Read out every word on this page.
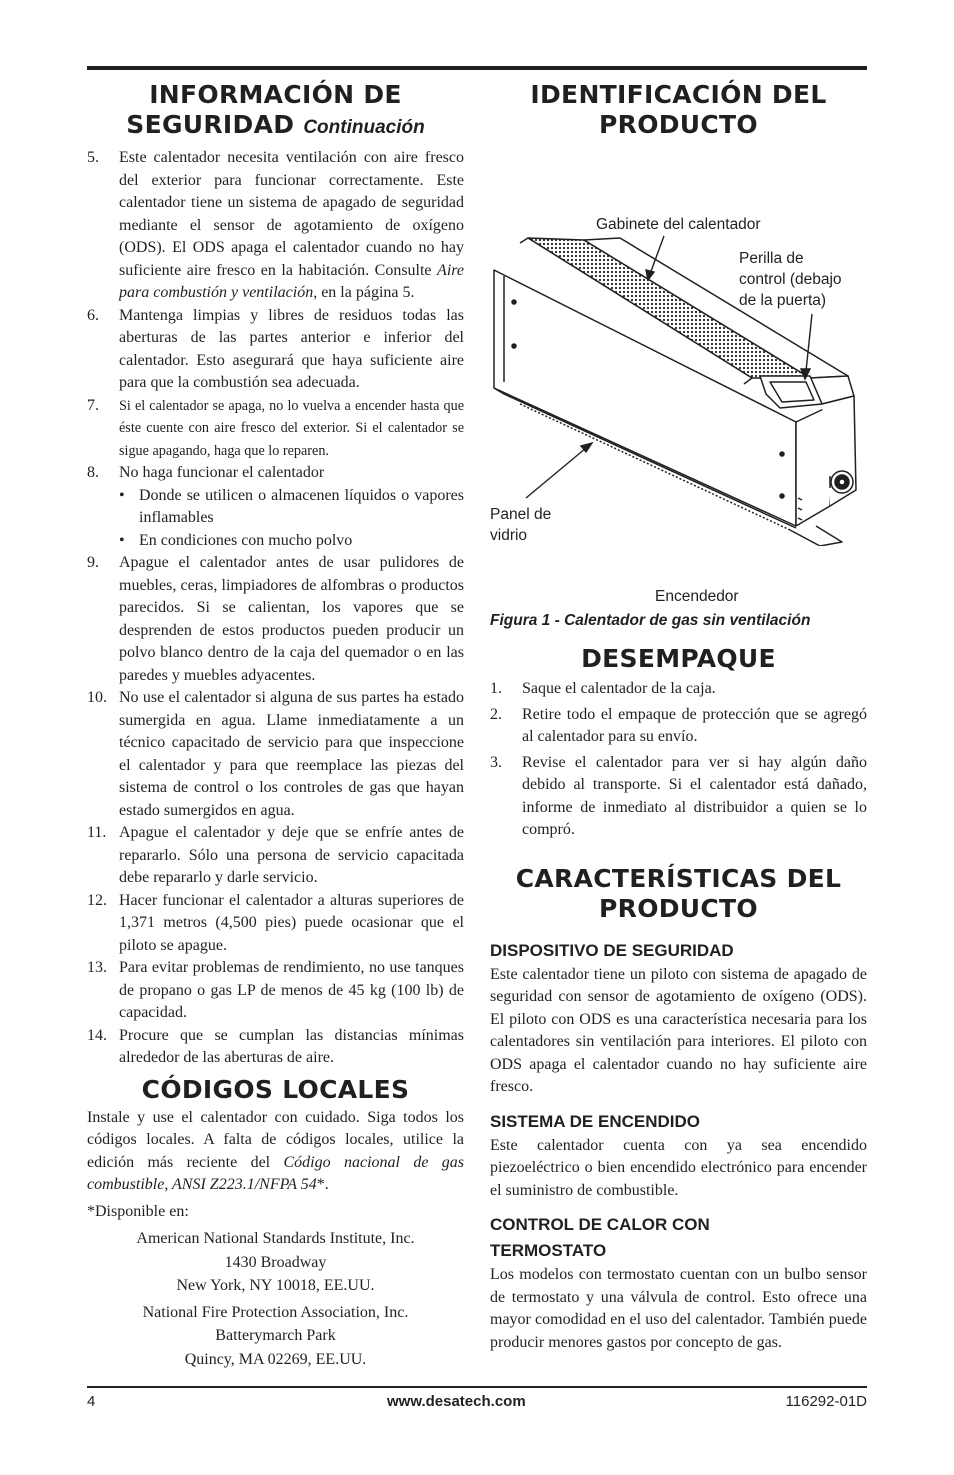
INFORMACIÓN DE
SEGURIDAD Continuación
5.	Este calentador necesita ventilación con aire fresco del exterior para funcionar correctamente. Este calentador tiene un sistema de apagado de seguridad mediante el sensor de agotamiento de oxígeno (ODS). El ODS apaga el calentador cuando no hay suficiente aire fresco en la habitación. Consulte Aire para combustión y ventilación, en la página 5.
6.	Mantenga limpias y libres de residuos todas las aberturas de las partes anterior e inferior del calentador. Esto asegurará que haya suficiente aire para que la combustión sea adecuada.
7.	Si el calentador se apaga, no lo vuelva a encender hasta que éste cuente con aire fresco del exterior. Si el calentador se sigue apagando, haga que lo reparen.
8.	No haga funcionar el calentador
• Donde se utilicen o almacenen líquidos o vapores inflamables
• En condiciones con mucho polvo
9.	Apague el calentador antes de usar pulidores de muebles, ceras, limpiadores de alfombras o productos parecidos. Si se calientan, los vapores que se desprenden de estos productos pueden producir un polvo blanco dentro de la caja del quemador o en las paredes y muebles adyacentes.
10. No use el calentador si alguna de sus partes ha estado sumergida en agua. Llame inmediatamente a un técnico capacitado de servicio para que inspeccione el calentador y para que reemplace las piezas del sistema de control o los controles de gas que hayan estado sumergidos en agua.
11. Apague el calentador y deje que se enfríe antes de repararlo. Sólo una persona de servicio capacitada debe repararlo y darle servicio.
12. Hacer funcionar el calentador a alturas superiores de 1,371 metros (4,500 pies) puede ocasionar que el piloto se apague.
13. Para evitar problemas de rendimiento, no use tanques de propano o gas LP de menos de 45 kg (100 lb) de capacidad.
14. Procure que se cumplan las distancias mínimas alrededor de las aberturas de aire.
CÓDIGOS LOCALES

Instale y use el calentador con cuidado. Siga todos los códigos locales. A falta de códigos locales, utilice la edición más reciente del Código nacional de gas combustible, ANSI Z223.1/NFPA 54*.

*Disponible en:

American National Standards Institute, Inc.
1430 Broadway
New York, NY 10018, EE.UU.
National Fire Protection Association, Inc.
Batterymarch Park
Quincy, MA 02269, EE.UU.
IDENTIFICACIÓN DEL
PRODUCTO
Gabinete del calentador
Perilla de
control (debajo
de la puerta)
Panel de
vidrio
Encendedor
Figura 1 - Calentador de gas sin ventilación
DESEMPAQUE
1.	Saque el calentador de la caja.
2.	Retire todo el empaque de protección que se agregó al calentador para su envío.
3.	Revise el calentador para ver si hay algún daño debido al transporte. Si el calentador está dañado, informe de inmediato al distribuidor a quien se lo compró.
CARACTERÍSTICAS DEL
PRODUCTO
DISPOSITIVO DE SEGURIDAD

Este calentador tiene un piloto con sistema de apagado de seguridad con sensor de agotamiento de oxígeno (ODS). El piloto con ODS es una característica necesaria para los calentadores sin ventilación para interiores. El piloto con ODS apaga el calentador cuando no hay suficiente aire fresco.

SISTEMA DE ENCENDIDO

Este calentador cuenta con ya sea encendido piezoeléctrico o bien encendido electrónico para encender el suministro de combustible.

CONTROL DE CALOR CON
TERMOSTATO

Los modelos con termostato cuentan con un bulbo sensor de termostato y una válvula de control. Esto ofrece una mayor comodidad en el uso del calentador. También puede producir menores gastos por concepto de gas.

4	www.desatech.com	116292-01D
